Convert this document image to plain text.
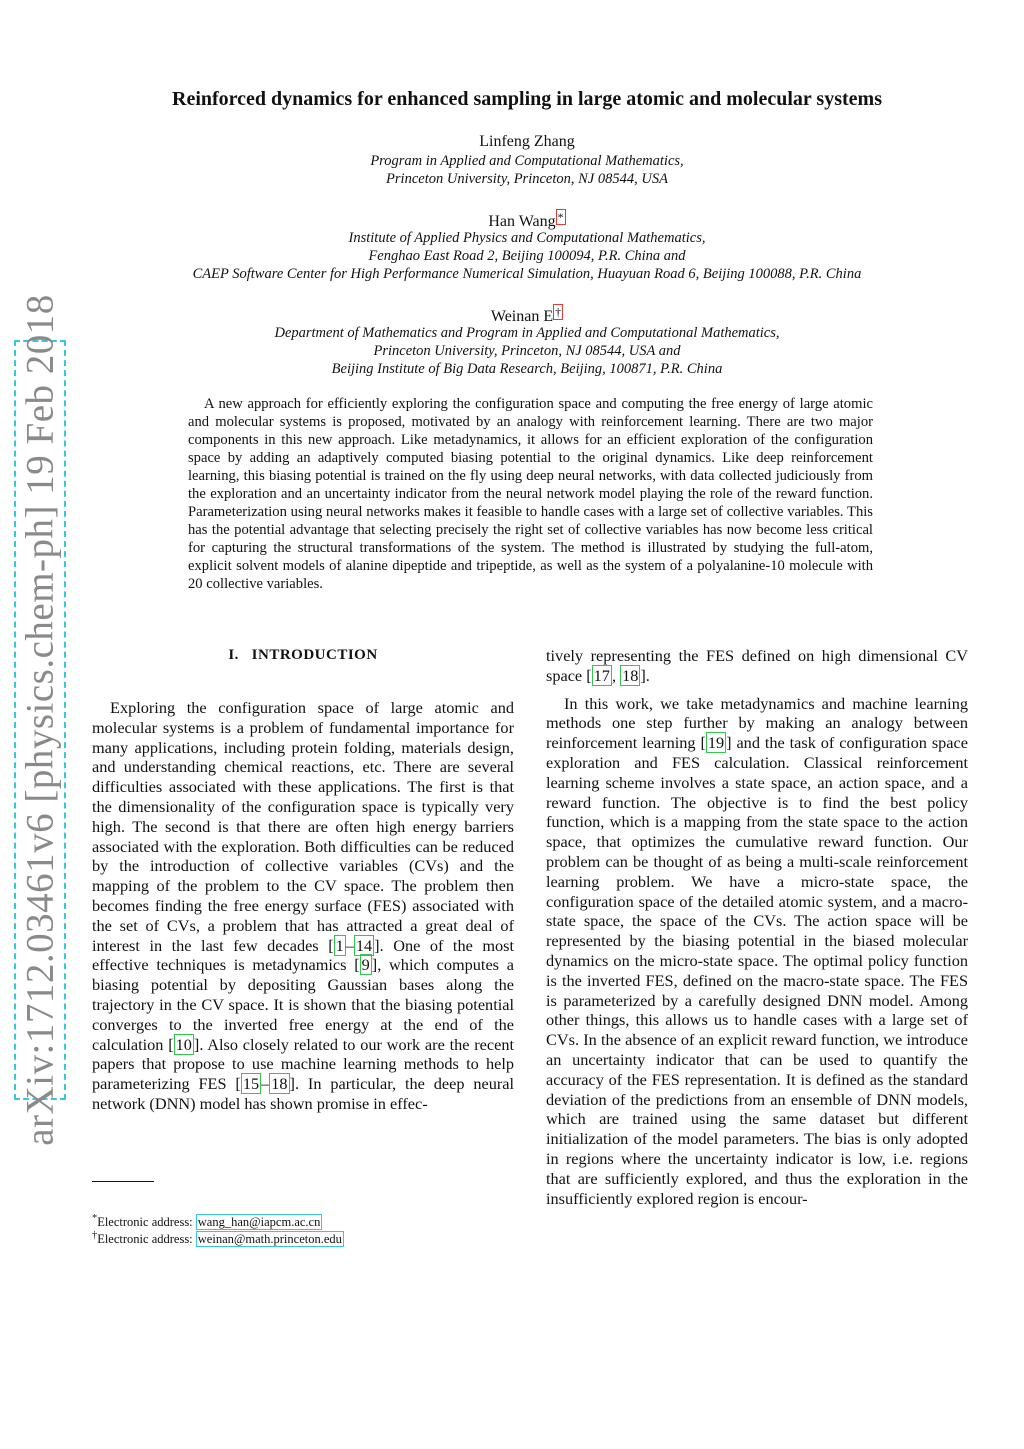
arXiv:1712.03461v6 [physics.chem-ph] 19 Feb 2018
Reinforced dynamics for enhanced sampling in large atomic and molecular systems
Linfeng Zhang
Program in Applied and Computational Mathematics,
Princeton University, Princeton, NJ 08544, USA
Han Wang *
Institute of Applied Physics and Computational Mathematics,
Fenghao East Road 2, Beijing 100094, P.R. China and
CAEP Software Center for High Performance Numerical Simulation, Huayuan Road 6, Beijing 100088, P.R. China
Weinan E †
Department of Mathematics and Program in Applied and Computational Mathematics,
Princeton University, Princeton, NJ 08544, USA and
Beijing Institute of Big Data Research, Beijing, 100871, P.R. China
A new approach for efficiently exploring the configuration space and computing the free energy of large atomic and molecular systems is proposed, motivated by an analogy with reinforcement learning. There are two major components in this new approach. Like metadynamics, it allows for an efficient exploration of the configuration space by adding an adaptively computed biasing potential to the original dynamics. Like deep reinforcement learning, this biasing potential is trained on the fly using deep neural networks, with data collected judiciously from the exploration and an uncertainty indicator from the neural network model playing the role of the reward function. Parameterization using neural networks makes it feasible to handle cases with a large set of collective variables. This has the potential advantage that selecting precisely the right set of collective variables has now become less critical for capturing the structural transformations of the system. The method is illustrated by studying the full-atom, explicit solvent models of alanine dipeptide and tripeptide, as well as the system of a polyalanine-10 molecule with 20 collective variables.
I. INTRODUCTION

Exploring the configuration space of large atomic and molecular systems is a problem of fundamental importance for many applications, including protein folding, materials design, and understanding chemical reactions, etc. There are several difficulties associated with these applications. The first is that the dimensionality of the configuration space is typically very high. The second is that there are often high energy barriers associated with the exploration. Both difficulties can be reduced by the introduction of collective variables (CVs) and the mapping of the problem to the CV space. The problem then becomes finding the free energy surface (FES) associated with the set of CVs, a problem that has attracted a great deal of interest in the last few decades [ 1 – 14 ]. One of the most effective techniques is metadynamics [ 9 ], which computes a biasing potential by depositing Gaussian bases along the trajectory in the CV space. It is shown that the biasing potential converges to the inverted free energy at the end of the calculation [ 10 ]. Also closely related to our work are the recent papers that propose to use machine learning methods to help parameterizing FES [ 15 – 18 ]. In particular, the deep neural network (DNN) model has shown promise in effec-

*Electronic address: wang_han@iapcm.ac.cn
†Electronic address: weinan@math.princeton.edu

tively representing the FES defined on high dimensional CV space [ 17 , 18 ].

In this work, we take metadynamics and machine learning methods one step further by making an analogy between reinforcement learning [ 19 ] and the task of configuration space exploration and FES calculation. Classical reinforcement learning scheme involves a state space, an action space, and a reward function. The objective is to find the best policy function, which is a mapping from the state space to the action space, that optimizes the cumulative reward function. Our problem can be thought of as being a multi-scale reinforcement learning problem. We have a micro-state space, the configuration space of the detailed atomic system, and a macro-state space, the space of the CVs. The action space will be represented by the biasing potential in the biased molecular dynamics on the micro-state space. The optimal policy function is the inverted FES, defined on the macro-state space. The FES is parameterized by a carefully designed DNN model. Among other things, this allows us to handle cases with a large set of CVs. In the absence of an explicit reward function, we introduce an uncertainty indicator that can be used to quantify the accuracy of the FES representation. It is defined as the standard deviation of the predictions from an ensemble of DNN models, which are trained using the same dataset but different initialization of the model parameters. The bias is only adopted in regions where the uncertainty indicator is low, i.e. regions that are sufficiently explored, and thus the exploration in the insufficiently explored region is encour-
